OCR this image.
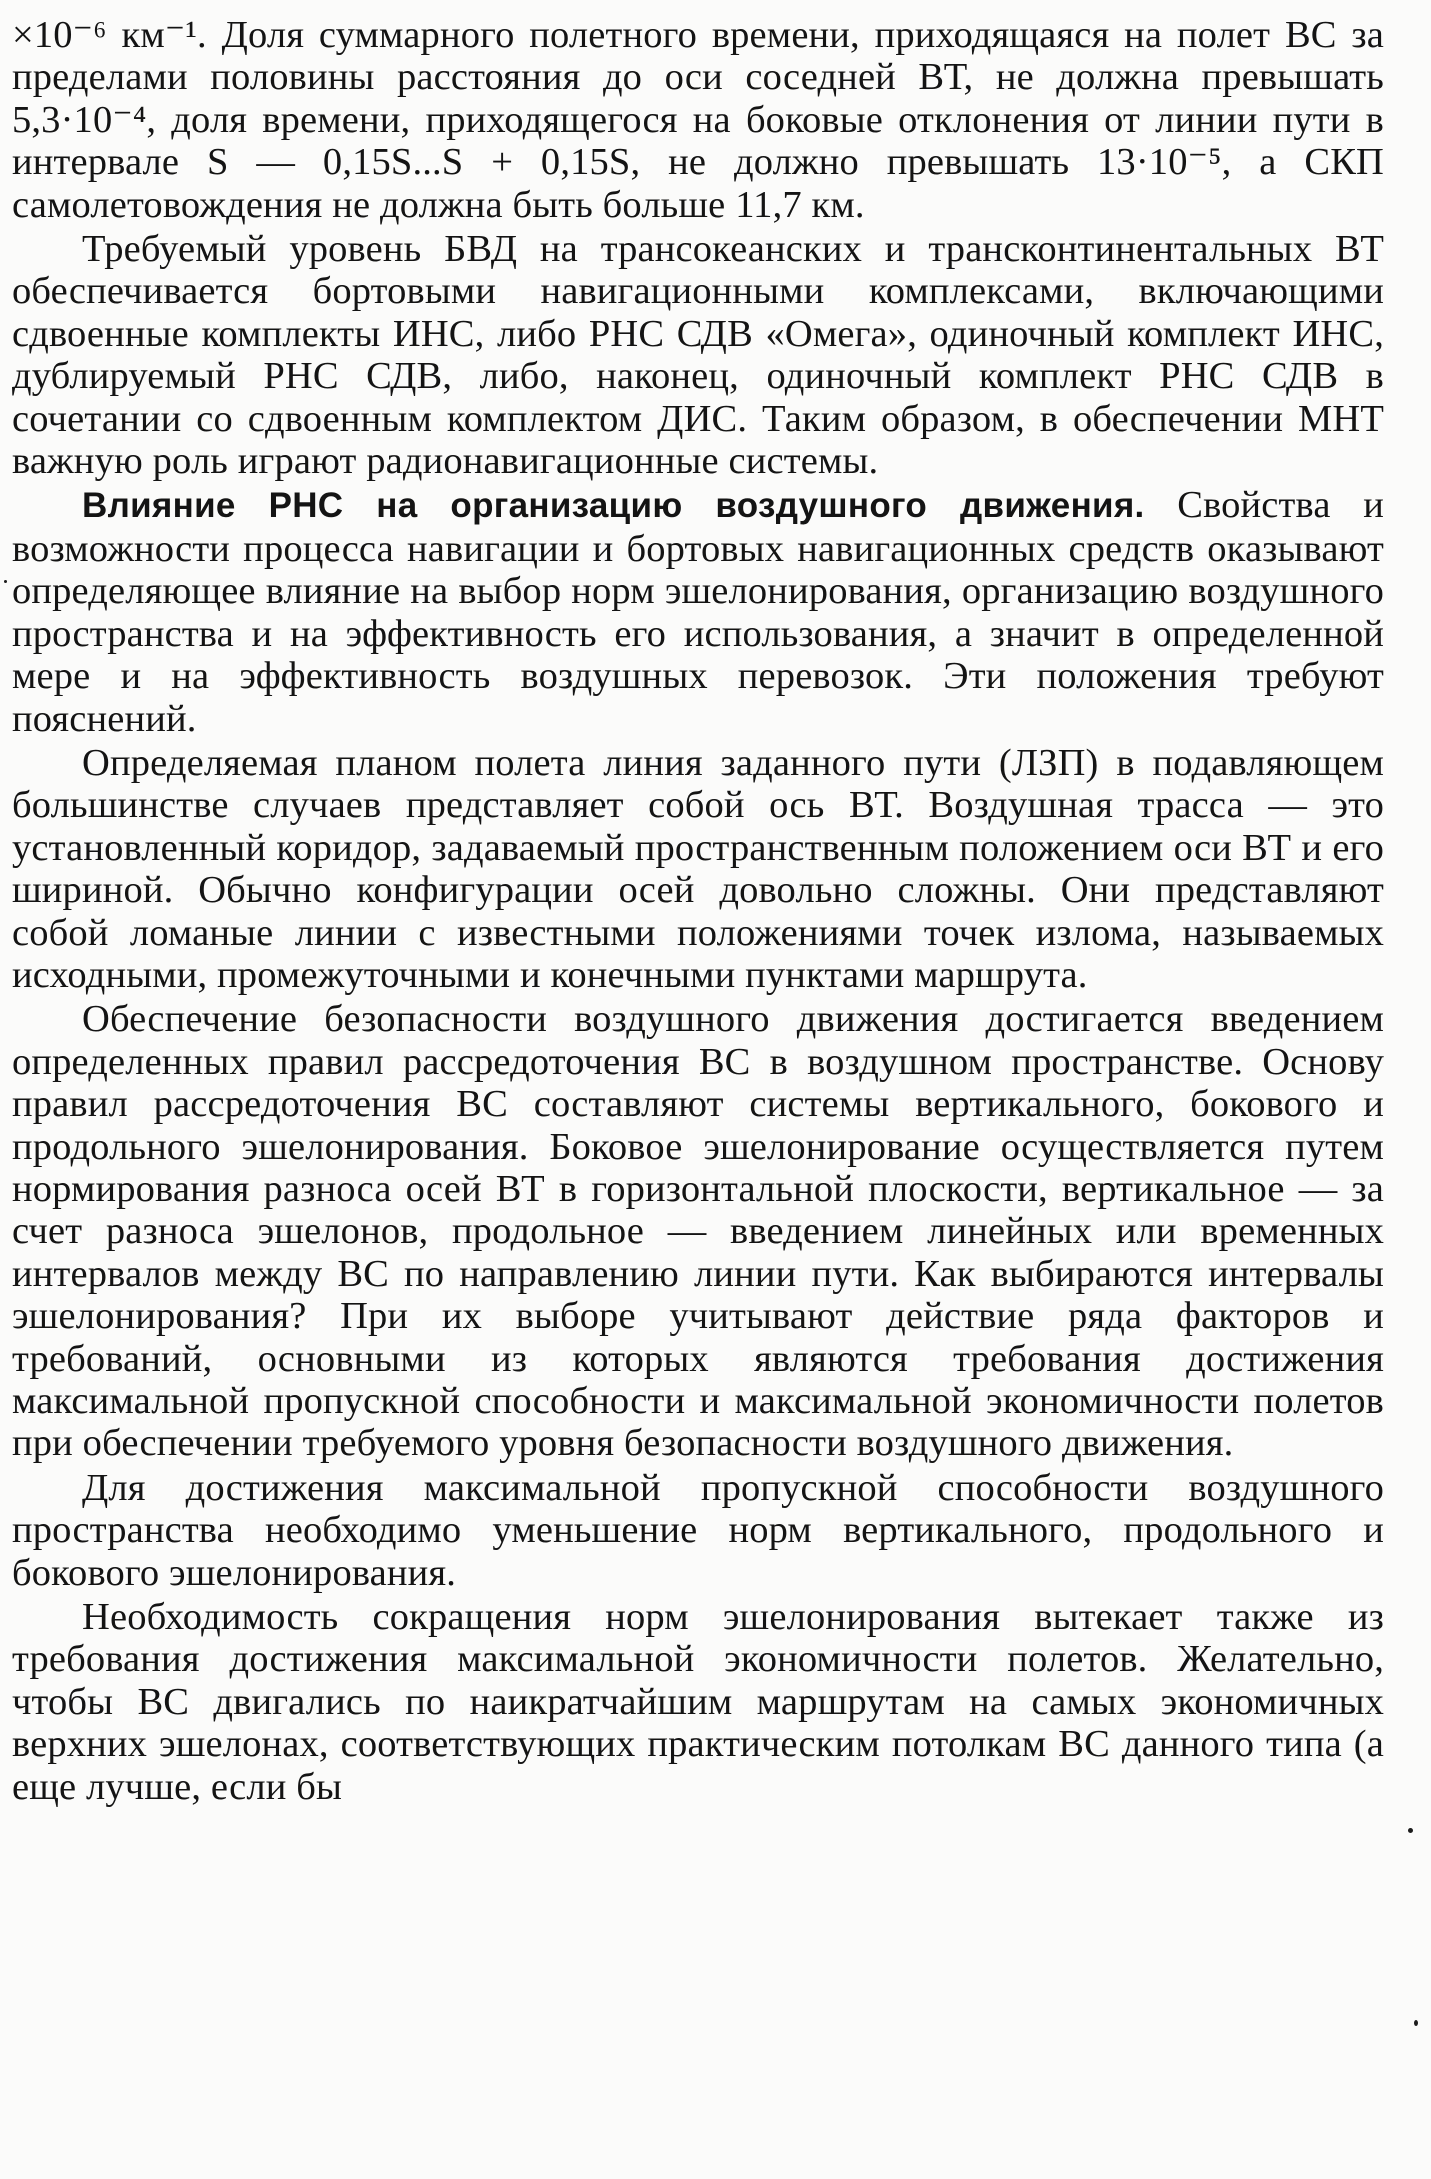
×10⁻⁶ км⁻¹. Доля суммарного полетного времени, приходящаяся на полет ВС за пределами половины расстояния до оси соседней ВТ, не должна превышать 5,3·10⁻⁴, доля времени, приходящегося на боковые отклонения от линии пути в интервале S — 0,15S...S + 0,15S, не должно превышать 13·10⁻⁵, а СКП самолетовождения не должна быть больше 11,7 км.

Требуемый уровень БВД на трансокеанских и трансконтинентальных ВТ обеспечивается бортовыми навигационными комплексами, включающими сдвоенные комплекты ИНС, либо РНС СДВ «Омега», одиночный комплект ИНС, дублируемый РНС СДВ, либо, наконец, одиночный комплект РНС СДВ в сочетании со сдвоенным комплектом ДИС. Таким образом, в обеспечении МНТ важную роль играют радионавигационные системы.

Влияние РНС на организацию воздушного движения. Свойства и возможности процесса навигации и бортовых навигационных средств оказывают определяющее влияние на выбор норм эшелонирования, организацию воздушного пространства и на эффективность его использования, а значит в определенной мере и на эффективность воздушных перевозок. Эти положения требуют пояснений.

Определяемая планом полета линия заданного пути (ЛЗП) в подавляющем большинстве случаев представляет собой ось ВТ. Воздушная трасса — это установленный коридор, задаваемый пространственным положением оси ВТ и его шириной. Обычно конфигурации осей довольно сложны. Они представляют собой ломаные линии с известными положениями точек излома, называемых исходными, промежуточными и конечными пунктами маршрута.

Обеспечение безопасности воздушного движения достигается введением определенных правил рассредоточения ВС в воздушном пространстве. Основу правил рассредоточения ВС составляют системы вертикального, бокового и продольного эшелонирования. Боковое эшелонирование осуществляется путем нормирования разноса осей ВТ в горизонтальной плоскости, вертикальное — за счет разноса эшелонов, продольное — введением линейных или временных интервалов между ВС по направлению линии пути. Как выбираются интервалы эшелонирования? При их выборе учитывают действие ряда факторов и требований, основными из которых являются требования достижения максимальной пропускной способности и максимальной экономичности полетов при обеспечении требуемого уровня безопасности воздушного движения.

Для достижения максимальной пропускной способности воздушного пространства необходимо уменьшение норм вертикального, продольного и бокового эшелонирования.

Необходимость сокращения норм эшелонирования вытекает также из требования достижения максимальной экономичности полетов. Желательно, чтобы ВС двигались по наикратчайшим маршрутам на самых экономичных верхних эшелонах, соответствующих практическим потолкам ВС данного типа (а еще лучше, если бы
